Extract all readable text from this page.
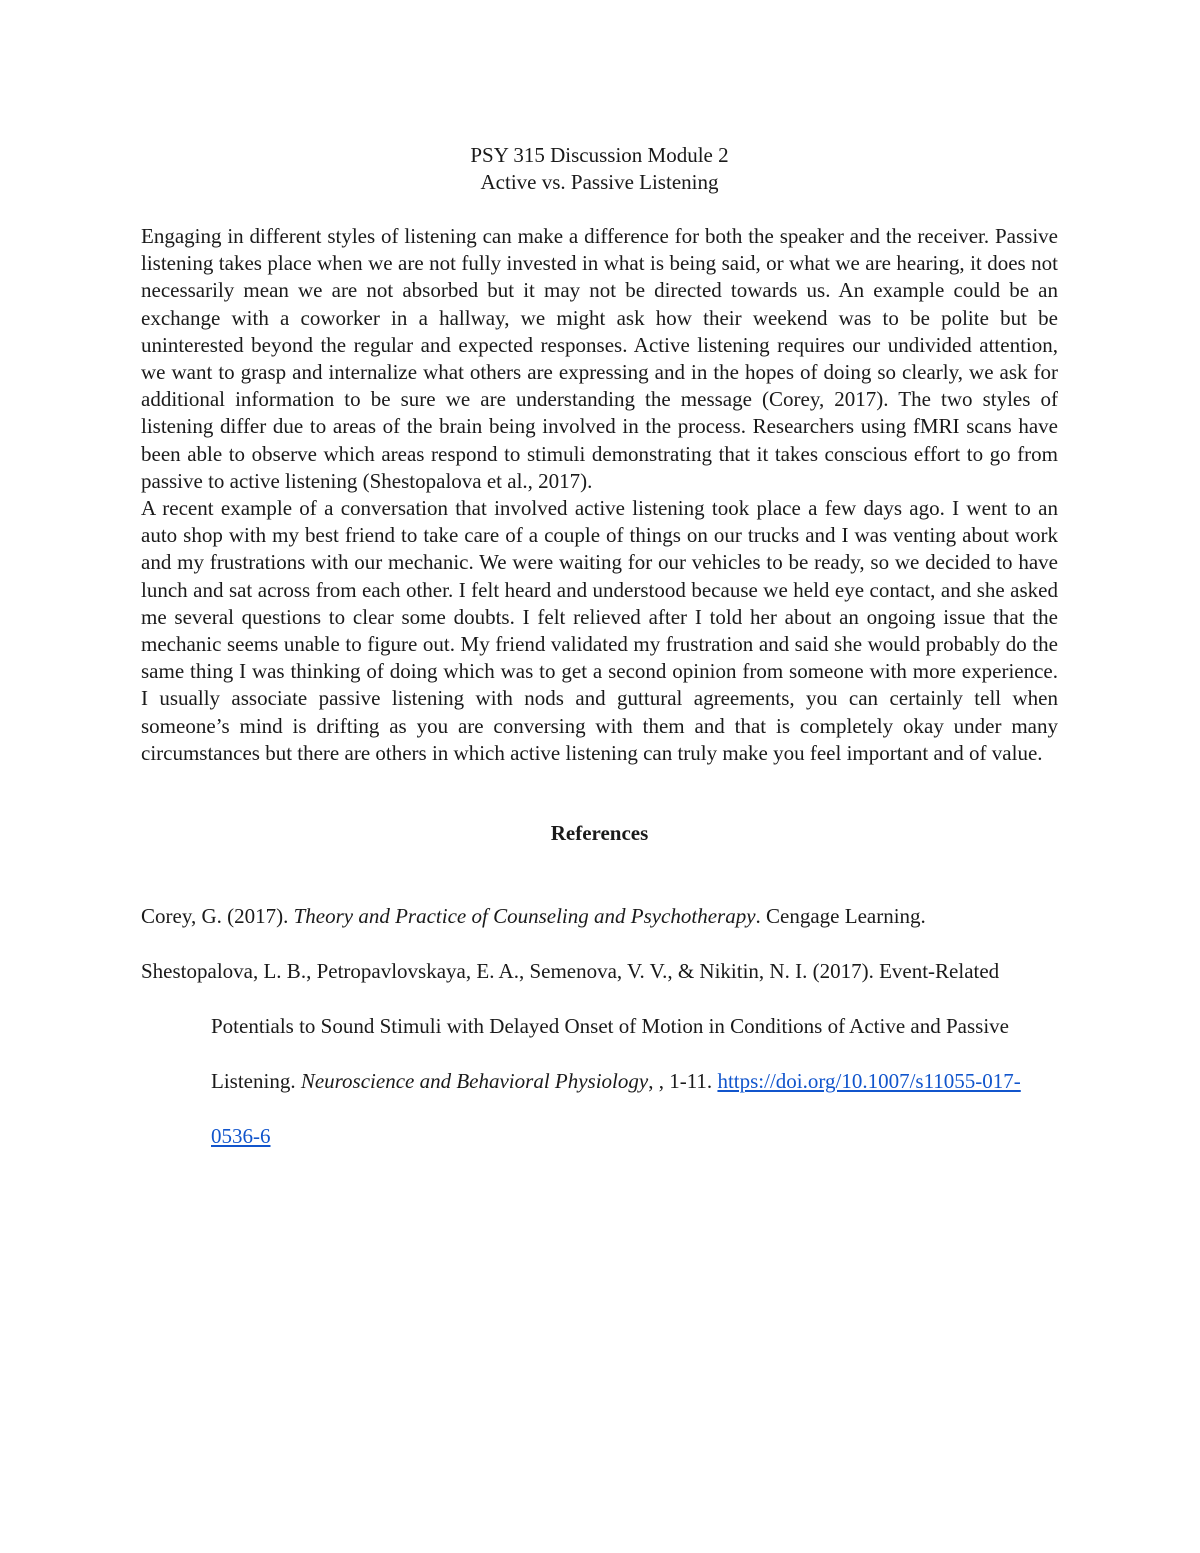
PSY 315 Discussion Module 2
Active vs. Passive Listening

Engaging in different styles of listening can make a difference for both the speaker and the receiver. Passive listening takes place when we are not fully invested in what is being said, or what we are hearing, it does not necessarily mean we are not absorbed but it may not be directed towards us. An example could be an exchange with a coworker in a hallway, we might ask how their weekend was to be polite but be uninterested beyond the regular and expected responses. Active listening requires our undivided attention, we want to grasp and internalize what others are expressing and in the hopes of doing so clearly, we ask for additional information to be sure we are understanding the message (Corey, 2017). The two styles of listening differ due to areas of the brain being involved in the process. Researchers using fMRI scans have been able to observe which areas respond to stimuli demonstrating that it takes conscious effort to go from passive to active listening (Shestopalova et al., 2017).

A recent example of a conversation that involved active listening took place a few days ago. I went to an auto shop with my best friend to take care of a couple of things on our trucks and I was venting about work and my frustrations with our mechanic. We were waiting for our vehicles to be ready, so we decided to have lunch and sat across from each other. I felt heard and understood because we held eye contact, and she asked me several questions to clear some doubts. I felt relieved after I told her about an ongoing issue that the mechanic seems unable to figure out. My friend validated my frustration and said she would probably do the same thing I was thinking of doing which was to get a second opinion from someone with more experience. I usually associate passive listening with nods and guttural agreements, you can certainly tell when someone’s mind is drifting as you are conversing with them and that is completely okay under many circumstances but there are others in which active listening can truly make you feel important and of value.

References

Corey, G. (2017). Theory and Practice of Counseling and Psychotherapy. Cengage Learning.

Shestopalova, L. B., Petropavlovskaya, E. A., Semenova, V. V., & Nikitin, N. I. (2017). Event-Related Potentials to Sound Stimuli with Delayed Onset of Motion in Conditions of Active and Passive Listening. Neuroscience and Behavioral Physiology, , 1-11. https://doi.org/10.1007/s11055-017-0536-6
